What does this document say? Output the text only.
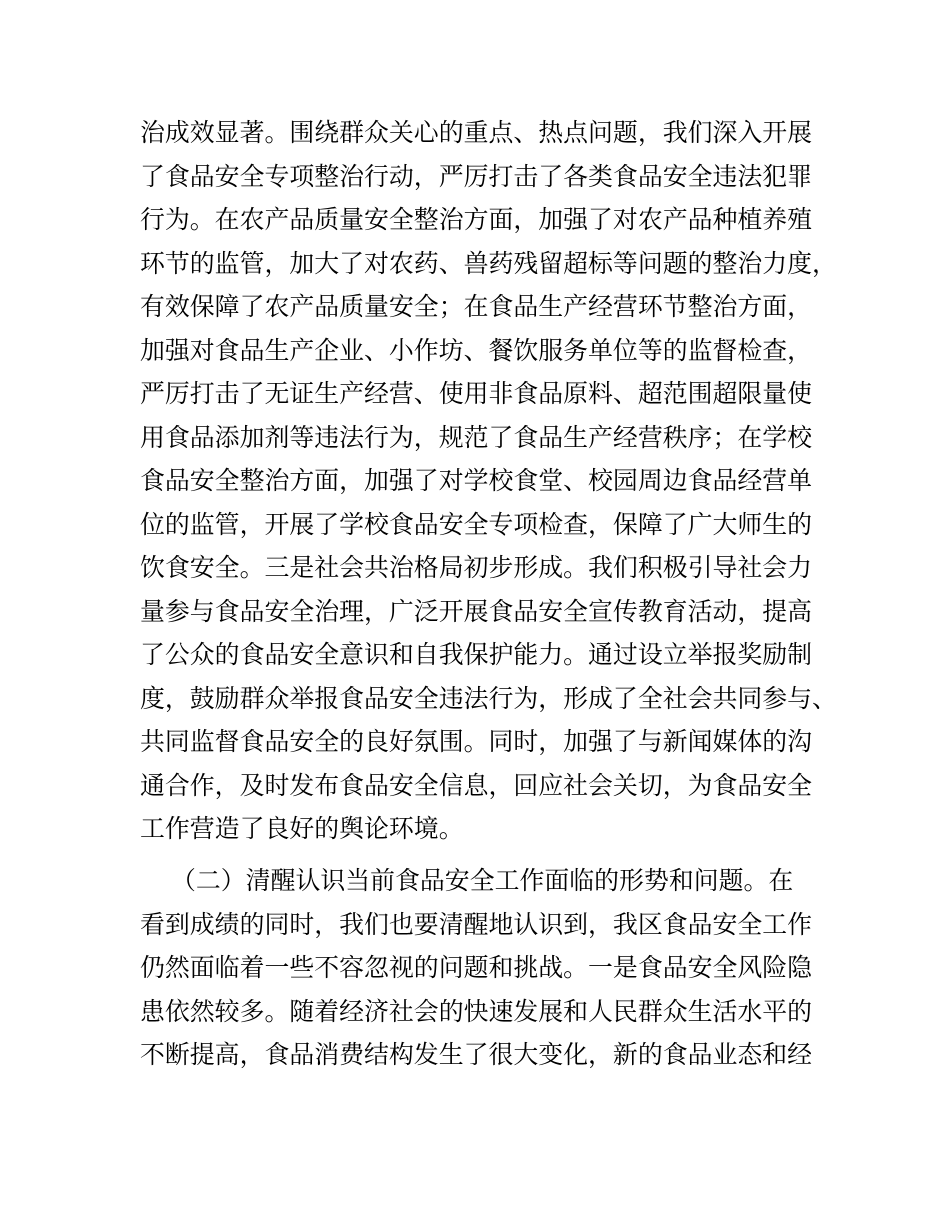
治成效显著。围绕群众关心的重点、热点问题，我们深入开展
了食品安全专项整治行动，严厉打击了各类食品安全违法犯罪
行为。在农产品质量安全整治方面，加强了对农产品种植养殖
环节的监管，加大了对农药、兽药残留超标等问题的整治力度，
有效保障了农产品质量安全；在食品生产经营环节整治方面，
加强对食品生产企业、小作坊、餐饮服务单位等的监督检查，
严厉打击了无证生产经营、使用非食品原料、超范围超限量使
用食品添加剂等违法行为，规范了食品生产经营秩序；在学校
食品安全整治方面，加强了对学校食堂、校园周边食品经营单
位的监管，开展了学校食品安全专项检查，保障了广大师生的
饮食安全。三是社会共治格局初步形成。我们积极引导社会力
量参与食品安全治理，广泛开展食品安全宣传教育活动，提高
了公众的食品安全意识和自我保护能力。通过设立举报奖励制
度，鼓励群众举报食品安全违法行为，形成了全社会共同参与、
共同监督食品安全的良好氛围。同时，加强了与新闻媒体的沟
通合作，及时发布食品安全信息，回应社会关切，为食品安全
工作营造了良好的舆论环境。
（二）清醒认识当前食品安全工作面临的形势和问题。在
看到成绩的同时，我们也要清醒地认识到，我区食品安全工作
仍然面临着一些不容忽视的问题和挑战。一是食品安全风险隐
患依然较多。随着经济社会的快速发展和人民群众生活水平的
不断提高，食品消费结构发生了很大变化，新的食品业态和经
